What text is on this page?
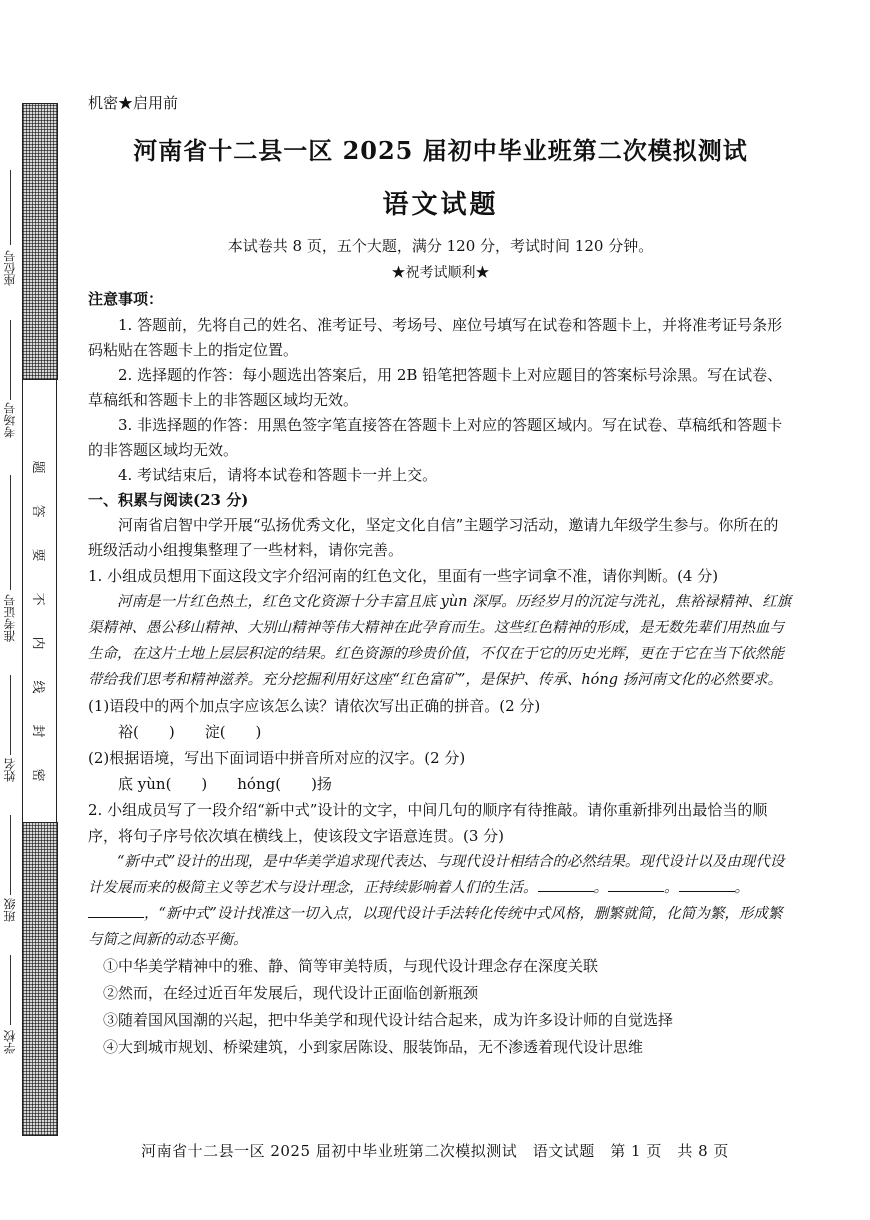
座位号
考场号
准考证号
姓名
班级
学校
题
答
要
不
内
线
封
密
机密★启用前
河南省十二县一区 2025 届初中毕业班第二次模拟测试
语文试题
本试卷共 8 页，五个大题，满分 120 分，考试时间 120 分钟。
★祝考试顺利★
注意事项：

1. 答题前，先将自己的姓名、准考证号、考场号、座位号填写在试卷和答题卡上，并将准考证号条形码粘贴在答题卡上的指定位置。

2. 选择题的作答：每小题选出答案后，用 2B 铅笔把答题卡上对应题目的答案标号涂黑。写在试卷、草稿纸和答题卡上的非答题区域均无效。

3. 非选择题的作答：用黑色签字笔直接答在答题卡上对应的答题区域内。写在试卷、草稿纸和答题卡的非答题区域均无效。

4. 考试结束后，请将本试卷和答题卡一并上交。

一、积累与阅读(23 分)

河南省启智中学开展“弘扬优秀文化，坚定文化自信”主题学习活动，邀请九年级学生参与。你所在的班级活动小组搜集整理了一些材料，请你完善。

1. 小组成员想用下面这段文字介绍河南的红色文化，里面有一些字词拿不准，请你判断。(4 分)

河南是一片红色热土，红色文化资源十分丰富且底 yùn 深厚。历经岁月的沉淀与洗礼，焦裕禄精神、红旗渠精神、愚公移山精神、大别山精神等伟大精神在此孕育而生。这些红色精神的形成，是无数先辈们用热血与生命，在这片土地上层层积淀的结果。红色资源的珍贵价值，不仅在于它的历史光辉，更在于它在当下依然能带给我们思考和精神滋养。充分挖掘利用好这座“红色富矿”，是保护、传承、hóng 扬河南文化的必然要求。

(1)语段中的两个加点字应该怎么读？请依次写出正确的拼音。(2 分)

裕(　　)　　淀(　　)

(2)根据语境，写出下面词语中拼音所对应的汉字。(2 分)

底 yùn(　　)　　hóng(　　)扬

2. 小组成员写了一段介绍“新中式”设计的文字，中间几句的顺序有待推敲。请你重新排列出最恰当的顺序，将句子序号依次填在横线上，使该段文字语意连贯。(3 分)

“新中式”设计的出现，是中华美学追求现代表达、与现代设计相结合的必然结果。现代设计以及由现代设计发展而来的极简主义等艺术与设计理念，正持续影响着人们的生活。	。	。	。，“新中式”设计找准这一切入点，以现代设计手法转化传统中式风格，删繁就简，化简为繁，形成繁与简之间新的动态平衡。

①中华美学精神中的雅、静、简等审美特质，与现代设计理念存在深度关联

②然而，在经过近百年发展后，现代设计正面临创新瓶颈

③随着国风国潮的兴起，把中华美学和现代设计结合起来，成为许多设计师的自觉选择

④大到城市规划、桥梁建筑，小到家居陈设、服装饰品，无不渗透着现代设计思维

河南省十二县一区 2025 届初中毕业班第二次模拟测试　语文试题　第 1 页　共 8 页
